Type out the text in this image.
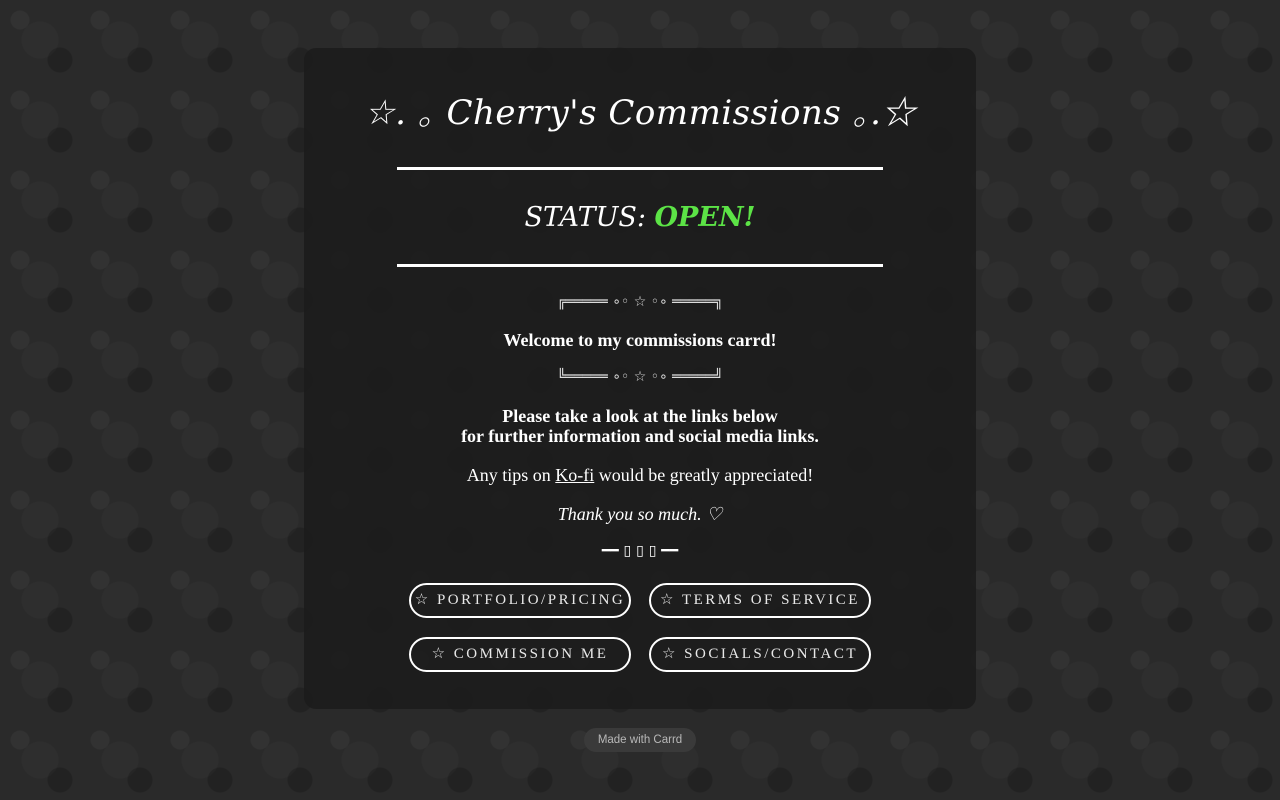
☆. ｡ Cherry's Commissions ｡.☆
STATUS: OPEN!
╔═════ ∘◦ ☆ ◦∘ ═════╗
Welcome to my commissions carrd!
╚═════ ∘◦ ☆ ◦∘ ═════╝
Please take a look at the links below
for further information and social media links.
Any tips on Ko-fi would be greatly appreciated!
Thank you so much. ♡
━━ ▯ ▯ ▯ ━━
☆ PORTFOLIO/PRICING	☆ TERMS OF SERVICE
☆ COMMISSION ME	☆ SOCIALS/CONTACT
Made with Carrd
